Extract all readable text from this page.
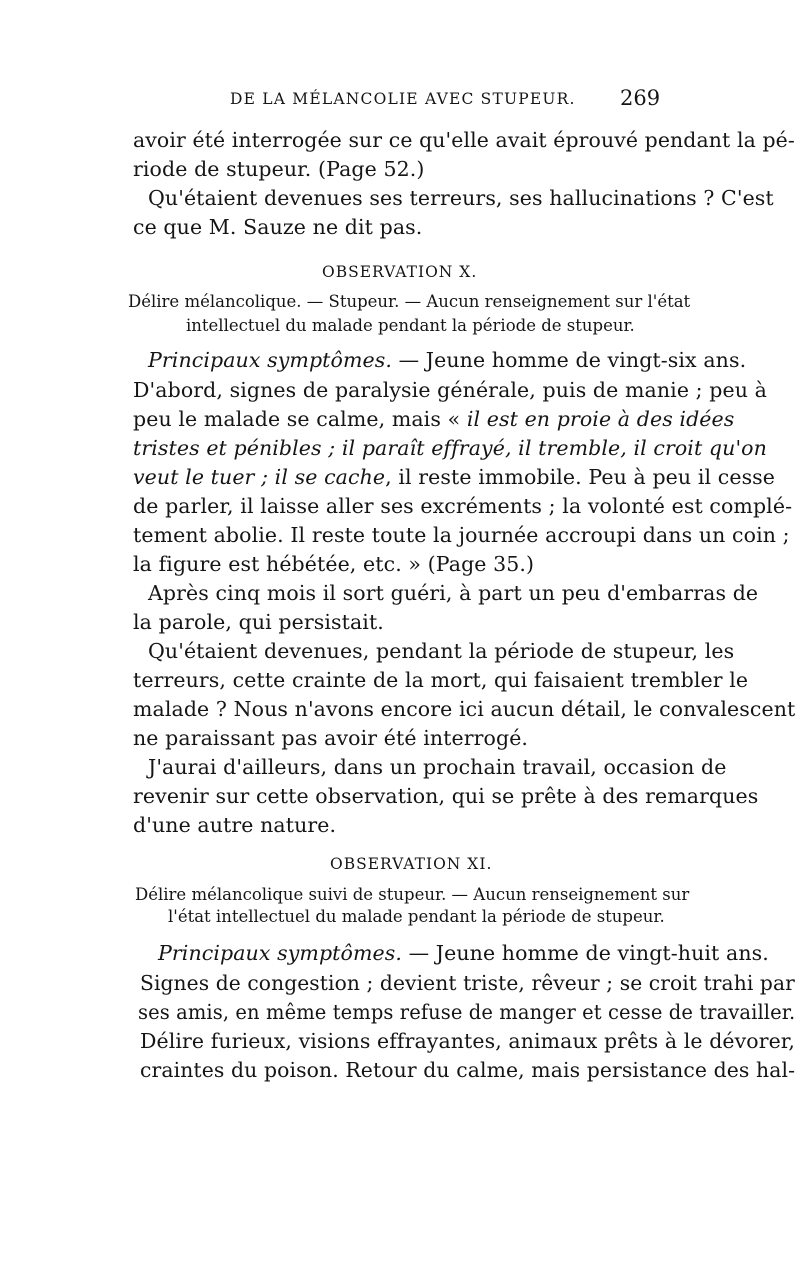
DE LA MÉLANCOLIE AVEC STUPEUR. 269
avoir été interrogée sur ce qu'elle avait éprouvé pendant la pé-
riode de stupeur. (Page 52.)
Qu'étaient devenues ses terreurs, ses hallucinations ? C'est
ce que M. Sauze ne dit pas.
OBSERVATION X.
Délire mélancolique. — Stupeur. — Aucun renseignement sur l'état
intellectuel du malade pendant la période de stupeur.
Principaux symptômes. — Jeune homme de vingt-six ans.
D'abord, signes de paralysie générale, puis de manie ; peu à
peu le malade se calme, mais « il est en proie à des idées
tristes et pénibles ; il paraît effrayé, il tremble, il croit qu'on
veut le tuer ; il se cache, il reste immobile. Peu à peu il cesse
de parler, il laisse aller ses excréments ; la volonté est complé-
tement abolie. Il reste toute la journée accroupi dans un coin ;
la figure est hébétée, etc. » (Page 35.)
Après cinq mois il sort guéri, à part un peu d'embarras de
la parole, qui persistait.
Qu'étaient devenues, pendant la période de stupeur, les
terreurs, cette crainte de la mort, qui faisaient trembler le
malade ? Nous n'avons encore ici aucun détail, le convalescent
ne paraissant pas avoir été interrogé.
J'aurai d'ailleurs, dans un prochain travail, occasion de
revenir sur cette observation, qui se prête à des remarques
d'une autre nature.
OBSERVATION XI.
Délire mélancolique suivi de stupeur. — Aucun renseignement sur
l'état intellectuel du malade pendant la période de stupeur.
Principaux symptômes. — Jeune homme de vingt-huit ans.
Signes de congestion ; devient triste, rêveur ; se croit trahi par
ses amis, en même temps refuse de manger et cesse de travailler.
Délire furieux, visions effrayantes, animaux prêts à le dévorer,
craintes du poison. Retour du calme, mais persistance des hal-
